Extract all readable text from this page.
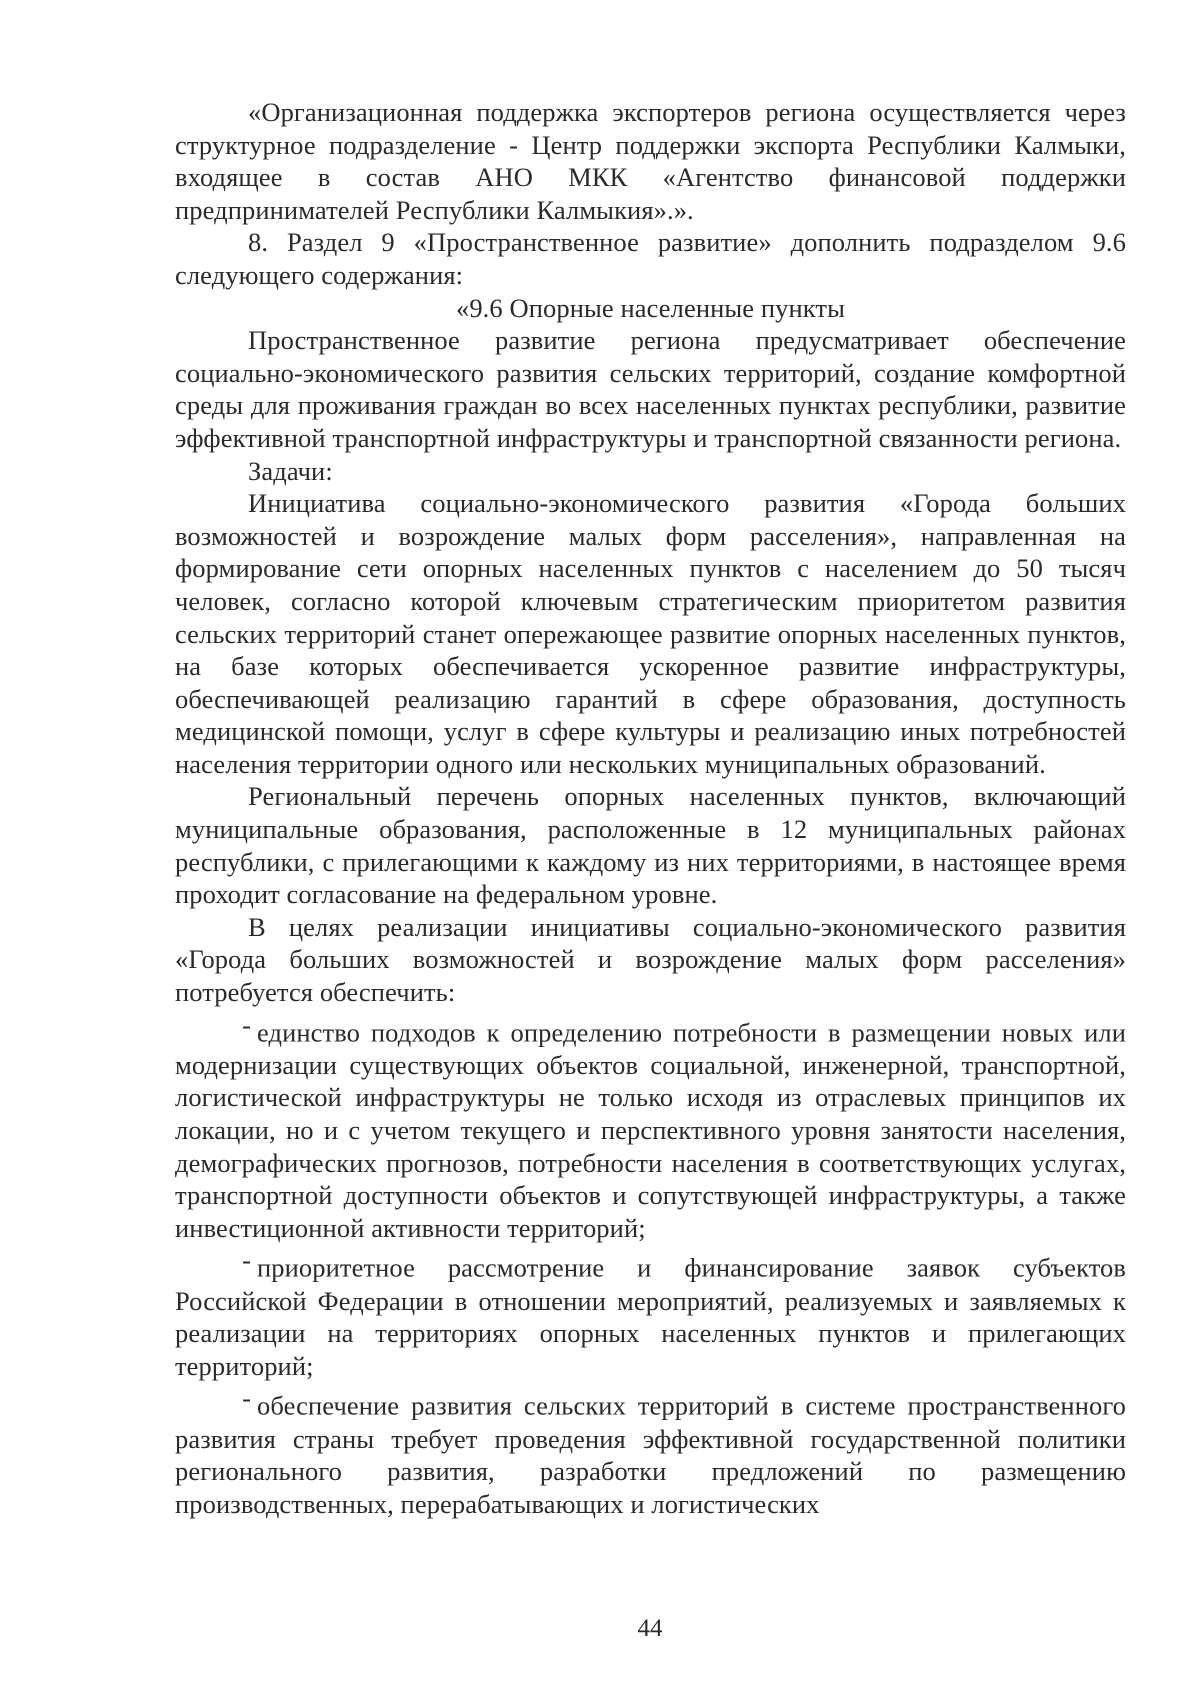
«Организационная поддержка экспортеров региона осуществляется через структурное подразделение - Центр поддержки экспорта Республики Калмыки, входящее в состав АНО МКК «Агентство финансовой поддержки предпринимателей Республики Калмыкия».».

8. Раздел 9 «Пространственное развитие» дополнить подразделом 9.6 следующего содержания:

«9.6 Опорные населенные пункты

Пространственное развитие региона предусматривает обеспечение социально-экономического развития сельских территорий, создание комфортной среды для проживания граждан во всех населенных пунктах республики, развитие эффективной транспортной инфраструктуры и транспортной связанности региона.

Задачи:

Инициатива социально-экономического развития «Города больших возможностей и возрождение малых форм расселения», направленная на формирование сети опорных населенных пунктов с населением до 50 тысяч человек, согласно которой ключевым стратегическим приоритетом развития сельских территорий станет опережающее развитие опорных населенных пунктов, на базе которых обеспечивается ускоренное развитие инфраструктуры, обеспечивающей реализацию гарантий в сфере образования, доступность медицинской помощи, услуг в сфере культуры и реализацию иных потребностей населения территории одного или нескольких муниципальных образований.

Региональный перечень опорных населенных пунктов, включающий муниципальные образования, расположенные в 12 муниципальных районах республики, с прилегающими к каждому из них территориями, в настоящее время проходит согласование на федеральном уровне.

В целях реализации инициативы социально-экономического развития «Города больших возможностей и возрождение малых форм расселения» потребуется обеспечить:

- единство подходов к определению потребности в размещении новых или модернизации существующих объектов социальной, инженерной, транспортной, логистической инфраструктуры не только исходя из отраслевых принципов их локации, но и с учетом текущего и перспективного уровня занятости населения, демографических прогнозов, потребности населения в соответствующих услугах, транспортной доступности объектов и сопутствующей инфраструктуры, а также инвестиционной активности территорий;

- приоритетное рассмотрение и финансирование заявок субъектов Российской Федерации в отношении мероприятий, реализуемых и заявляемых к реализации на территориях опорных населенных пунктов и прилегающих территорий;

- обеспечение развития сельских территорий в системе пространственного развития страны требует проведения эффективной государственной политики регионального развития, разработки предложений по размещению производственных, перерабатывающих и логистических

44
